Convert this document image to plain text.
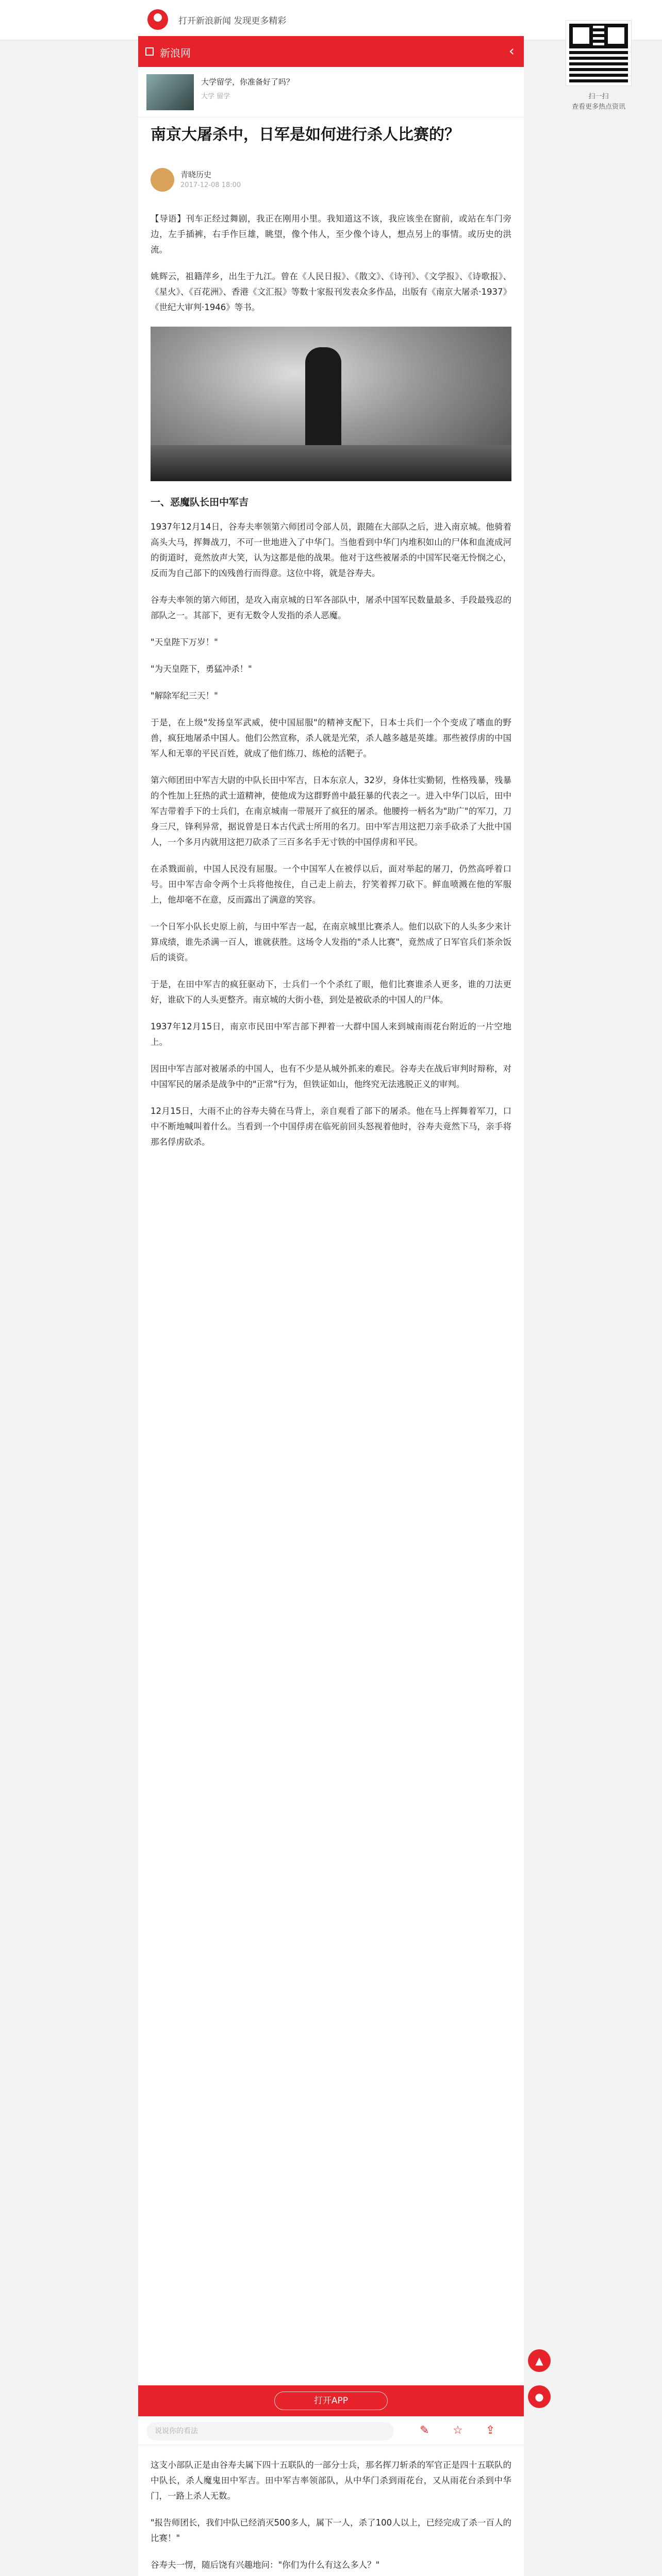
打开新浪新闻 发现更多精彩
扫一扫
查看更多热点资讯
新浪网	‹
大学留学，你准备好了吗？
大学 留学
南京大屠杀中，日军是如何进行杀人比赛的？
青晓历史
2017-12-08 18:00

【导语】刊车正经过舞剧，我正在刚用小里。我知道这不该，我应该坐在窗前，或站在车门旁边，左手插裤，右手作巨雄，眺望，像个伟人，至少像个诗人，想点另上的事情。或历史的洪流。

姚辉云，祖籍萍乡，出生于九江。曾在《人民日报》、《散文》、《诗刊》、《文学报》、《诗歌报》、《星火》、《百花洲》、香港《文汇报》等数十家报刊发表众多作品，出版有《南京大屠杀·1937》《世纪大审判·1946》等书。

一、恶魔队长田中军吉

1937年12月14日，谷寿夫率领第六师团司令部人员，跟随在大部队之后，进入南京城。他骑着高头大马，挥舞战刀，不可一世地进入了中华门。当他看到中华门内堆积如山的尸体和血流成河的街道时，竟然放声大笑，认为这都是他的战果。他对于这些被屠杀的中国军民毫无怜悯之心，反而为自己部下的凶残兽行而得意。这位中将，就是谷寿夫。

谷寿夫率领的第六师团，是攻入南京城的日军各部队中，屠杀中国军民数量最多、手段最残忍的部队之一。其部下，更有无数令人发指的杀人恶魔。

"天皇陛下万岁！"

"为天皇陛下，勇猛冲杀！"

"解除军纪三天！"

于是，在上级"发扬皇军武威，使中国屈服"的精神支配下，日本士兵们一个个变成了嗜血的野兽，疯狂地屠杀中国人。他们公然宣称，杀人就是光荣，杀人越多越是英雄。那些被俘虏的中国军人和无辜的平民百姓，就成了他们练刀、练枪的活靶子。

第六师团田中军吉大尉的中队长田中军吉，日本东京人，32岁，身体壮实勤韧，性格残暴，残暴的个性加上狂热的武士道精神，使他成为这群野兽中最狂暴的代表之一。进入中华门以后，田中军吉带着手下的士兵们，在南京城南一带展开了疯狂的屠杀。他腰挎一柄名为"助广"的军刀，刀身三尺，锋利异常，据说曾是日本古代武士所用的名刀。田中军吉用这把刀亲手砍杀了大批中国人，一个多月内就用这把刀砍杀了三百多名手无寸铁的中国俘虏和平民。

在杀戮面前，中国人民没有屈服。一个中国军人在被俘以后，面对举起的屠刀，仍然高呼着口号。田中军吉命令两个士兵将他按住，自己走上前去，狞笑着挥刀砍下。鲜血喷溅在他的军服上，他却毫不在意，反而露出了满意的笑容。

一个日军小队长史原上前，与田中军吉一起，在南京城里比赛杀人。他们以砍下的人头多少来计算成绩，谁先杀满一百人，谁就获胜。这场令人发指的"杀人比赛"，竟然成了日军官兵们茶余饭后的谈资。

于是，在田中军吉的疯狂驱动下，士兵们一个个杀红了眼，他们比赛谁杀人更多，谁的刀法更好，谁砍下的人头更整齐。南京城的大街小巷，到处是被砍杀的中国人的尸体。

1937年12月15日，南京市民田中军吉部下押着一大群中国人来到城南雨花台附近的一片空地上。

因田中军吉部对被屠杀的中国人，也有不少是从城外抓来的难民。谷寿夫在战后审判时辩称，对中国军民的屠杀是战争中的"正常"行为，但铁证如山，他终究无法逃脱正义的审判。

12月15日，大雨不止的谷寿夫骑在马背上，亲自观看了部下的屠杀。他在马上挥舞着军刀，口中不断地喊叫着什么。当看到一个中国俘虏在临死前回头怒视着他时，谷寿夫竟然下马，亲手将那名俘虏砍杀。

打开APP
说说你的看法	✎ ☆ ⇪

这支小部队正是由谷寿夫属下四十五联队的一部分士兵，那名挥刀斩杀的军官正是四十五联队的中队长，杀人魔鬼田中军吉。田中军吉率领部队，从中华门杀到雨花台，又从雨花台杀到中华门，一路上杀人无数。

"报告师团长，我们中队已经消灭500多人，属下一人，杀了100人以上，已经完成了杀一百人的比赛！"

谷寿夫一愣，随后饶有兴趣地问："你们为什么有这么多人？"

▲
●
